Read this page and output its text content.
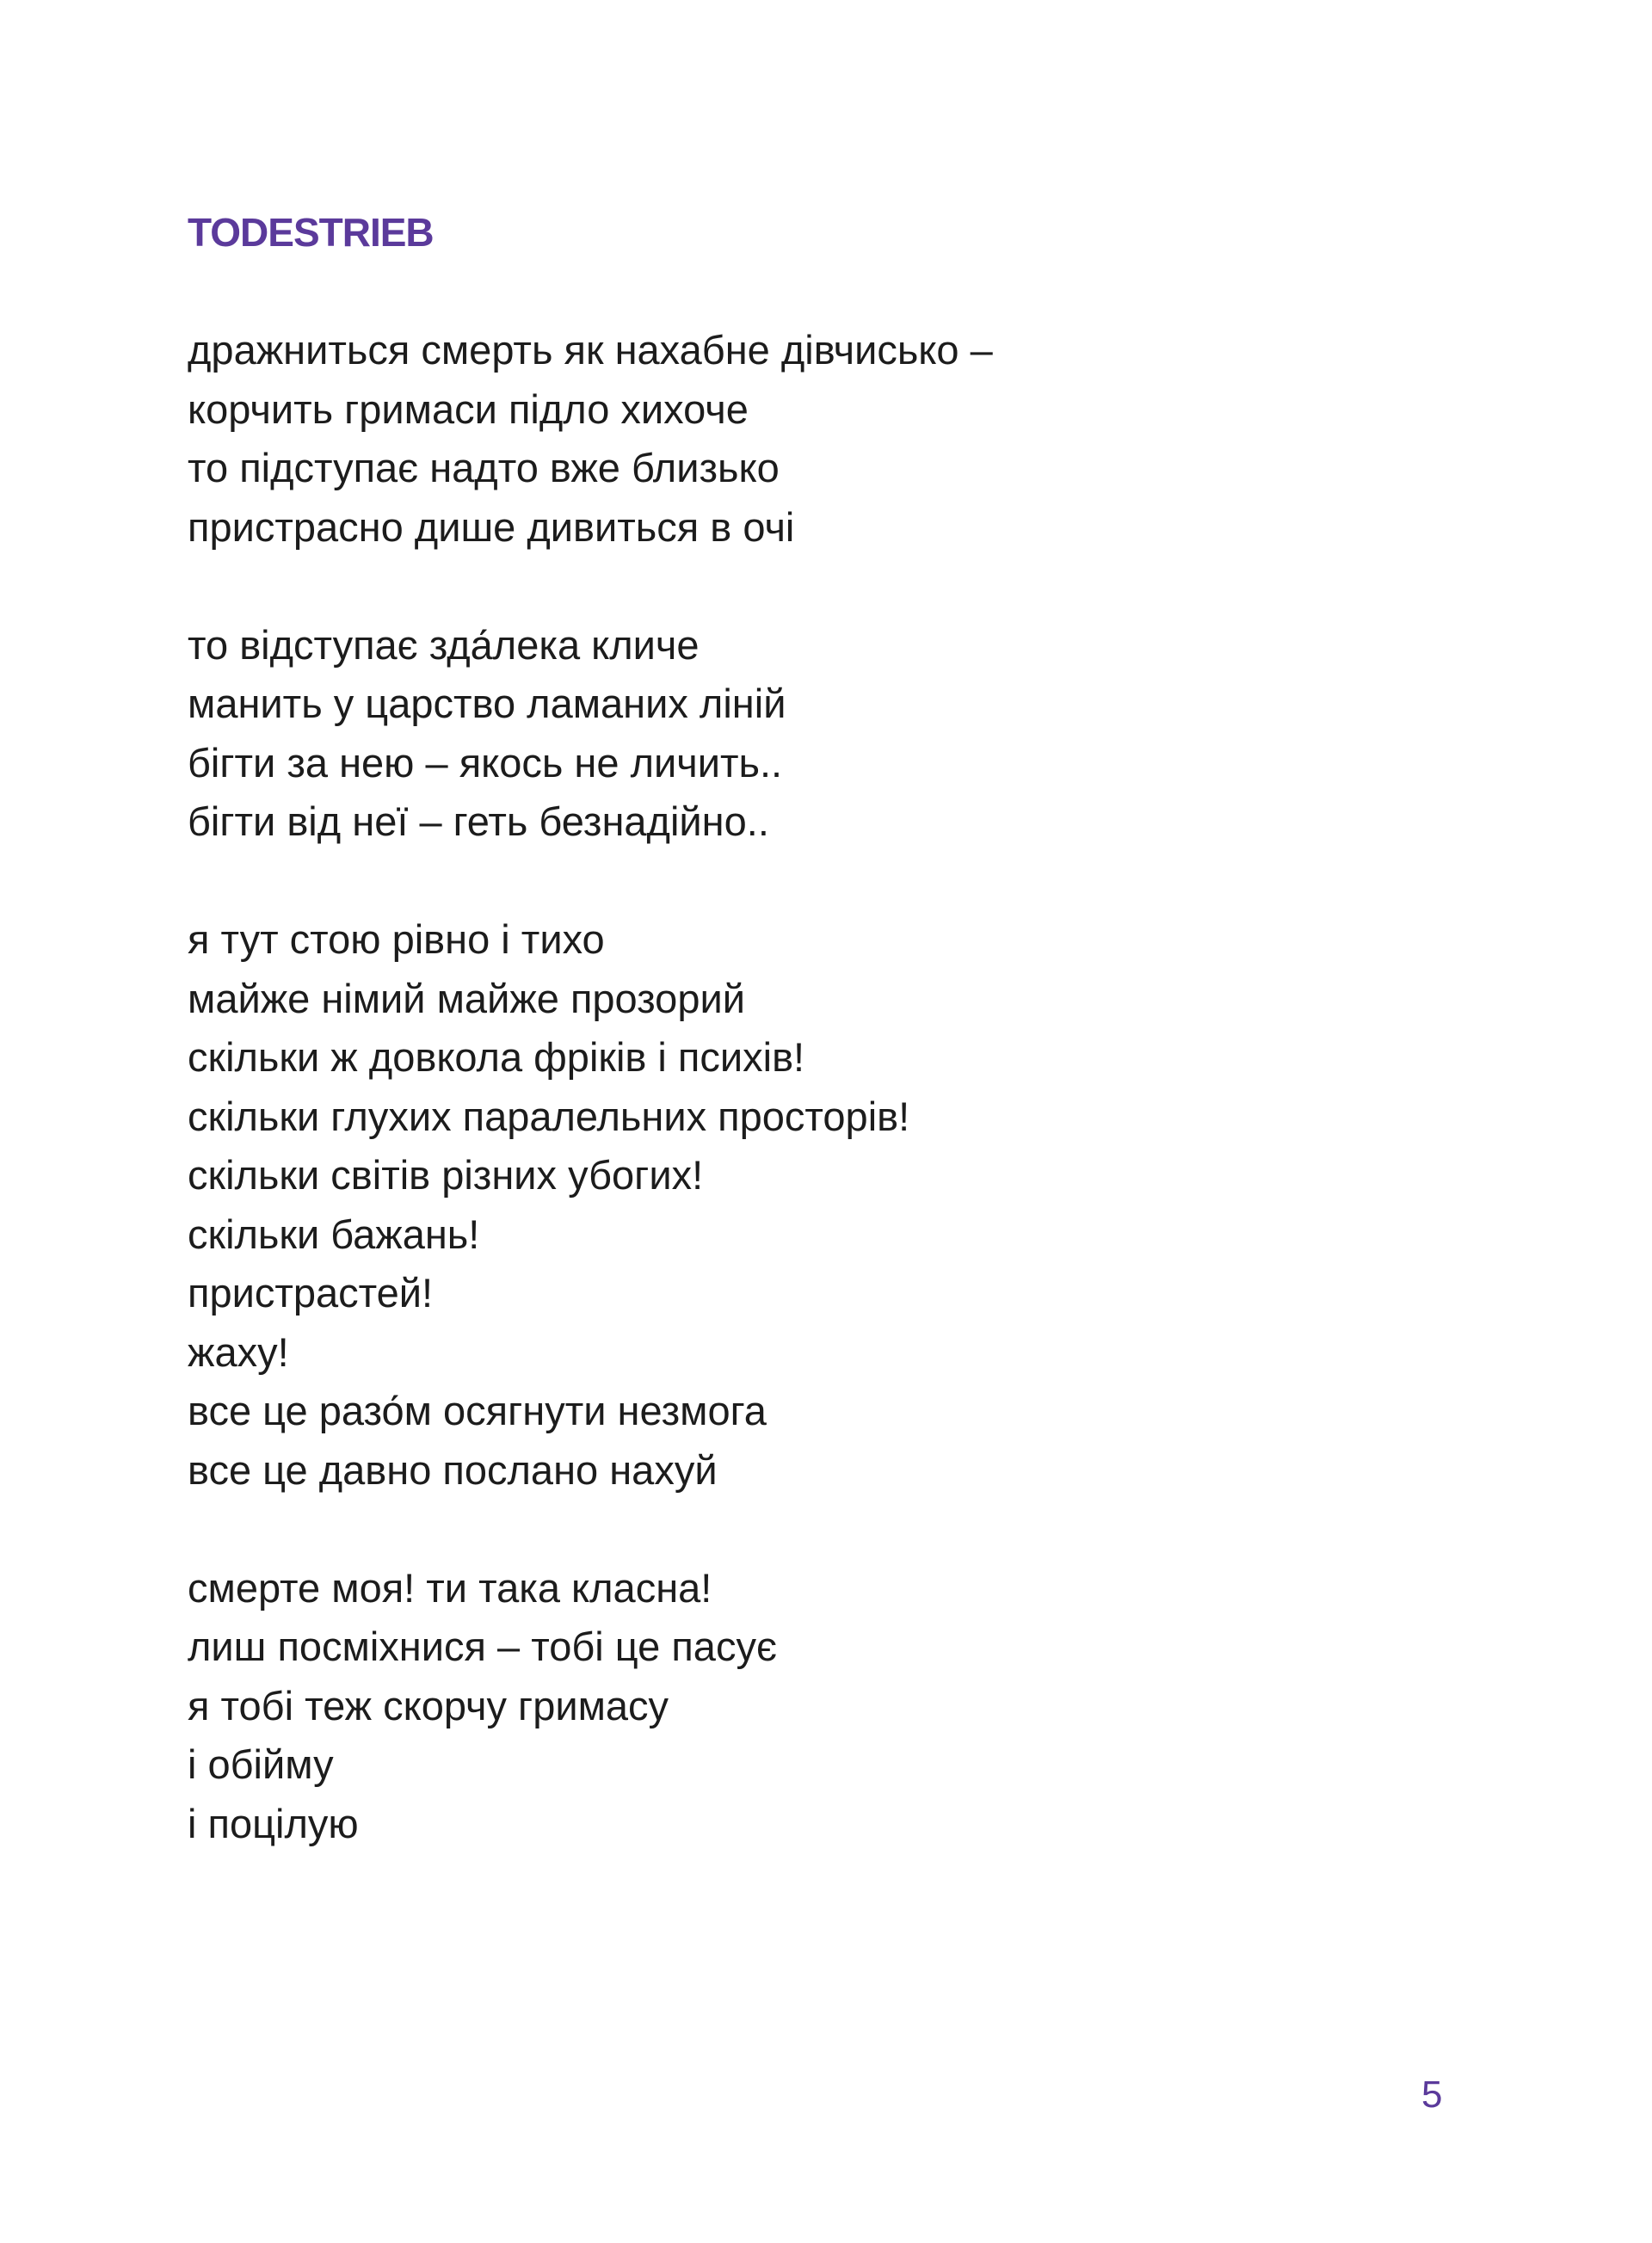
TODESTRIEB
дражниться смерть як нахабне дівчисько –
корчить гримаси підло хихоче
то підступає надто вже близько
пристрасно дише дивиться в очі
то відступає зда́лека кличе
манить у царство ламаних ліній
бігти за нею – якось не личить..
бігти від неї – геть безнадійно..
я тут стою рівно і тихо
майже німий майже прозорий
скільки ж довкола фріків і психів!
скільки глухих паралельних просторів!
скільки світів різних убогих!
скільки бажань!
пристрастей!
жаху!
все це разо́м осягнути незмога
все це давно послано нахуй
смерте моя! ти така класна!
лиш посміхнися – тобі це пасує
я тобі теж скорчу гримасу
і обійму
і поцілую
5
